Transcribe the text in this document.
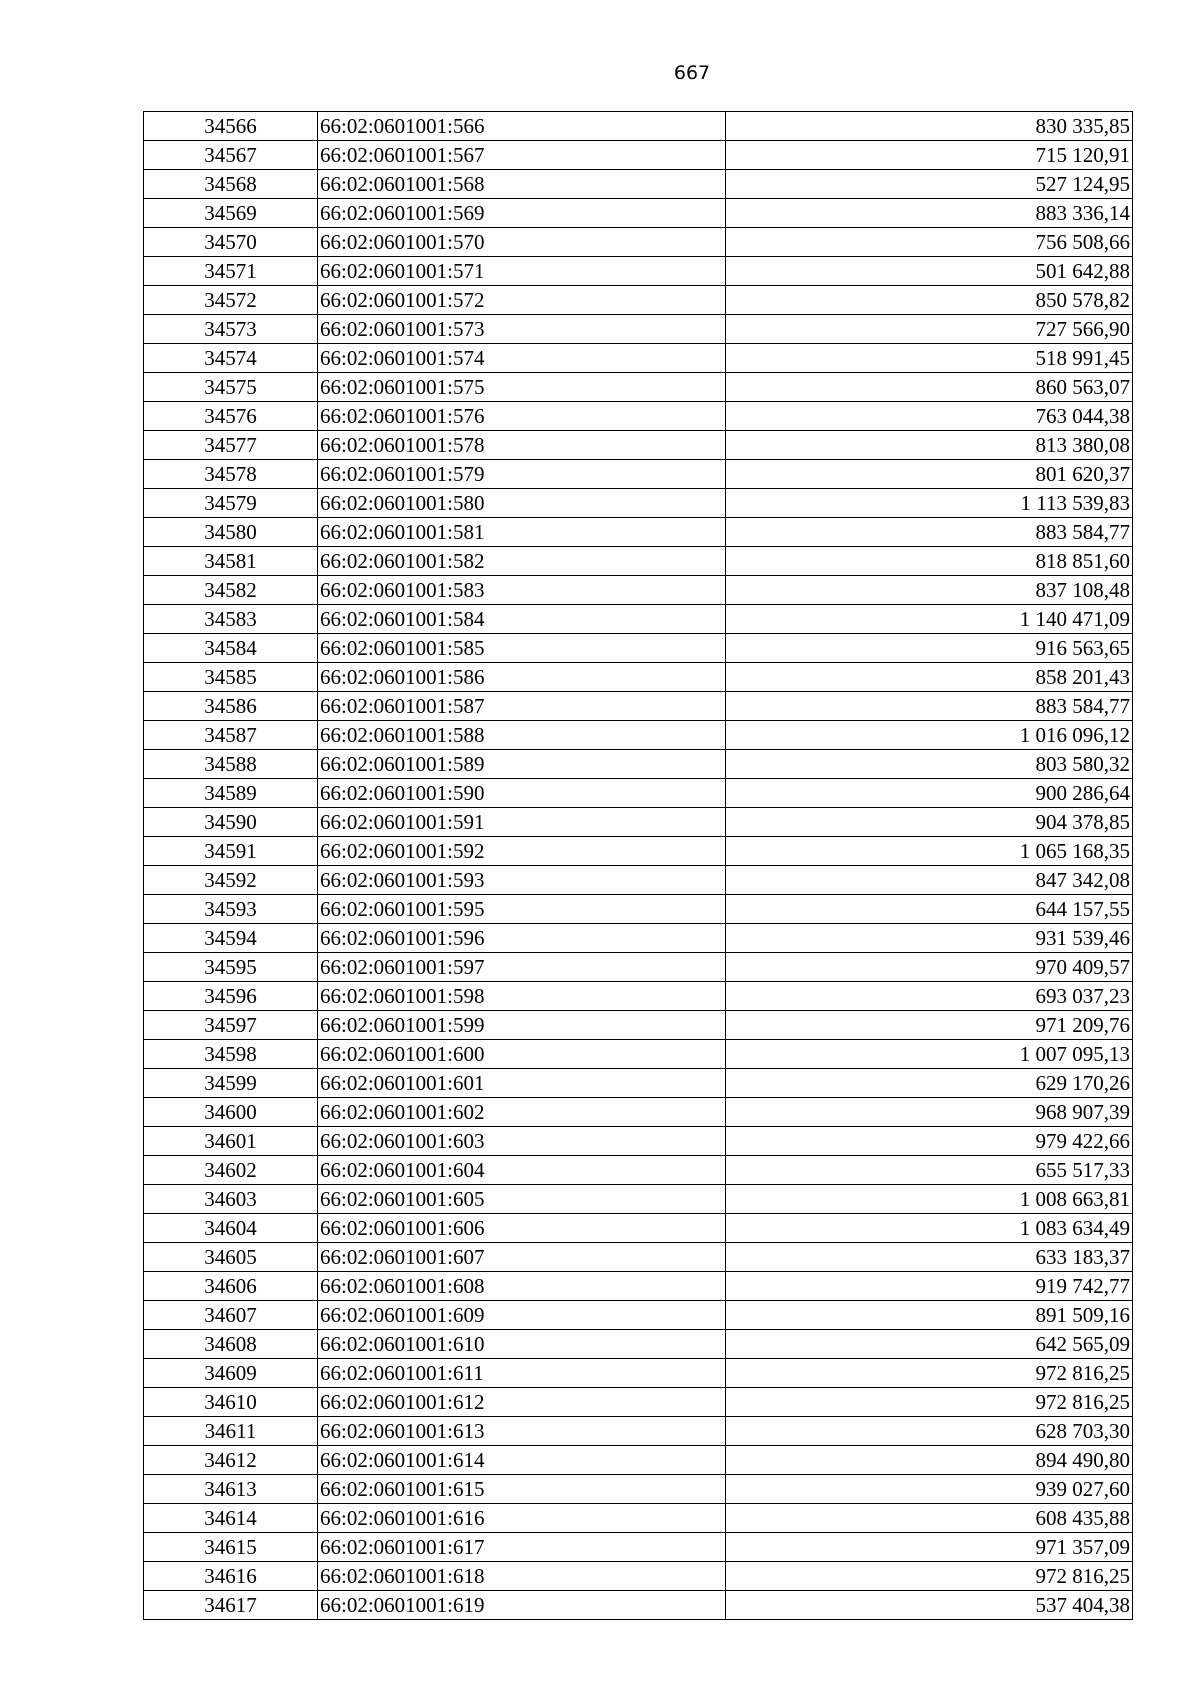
667
34566	66:02:0601001:566	830 335,85
34567	66:02:0601001:567	715 120,91
34568	66:02:0601001:568	527 124,95
34569	66:02:0601001:569	883 336,14
34570	66:02:0601001:570	756 508,66
34571	66:02:0601001:571	501 642,88
34572	66:02:0601001:572	850 578,82
34573	66:02:0601001:573	727 566,90
34574	66:02:0601001:574	518 991,45
34575	66:02:0601001:575	860 563,07
34576	66:02:0601001:576	763 044,38
34577	66:02:0601001:578	813 380,08
34578	66:02:0601001:579	801 620,37
34579	66:02:0601001:580	1 113 539,83
34580	66:02:0601001:581	883 584,77
34581	66:02:0601001:582	818 851,60
34582	66:02:0601001:583	837 108,48
34583	66:02:0601001:584	1 140 471,09
34584	66:02:0601001:585	916 563,65
34585	66:02:0601001:586	858 201,43
34586	66:02:0601001:587	883 584,77
34587	66:02:0601001:588	1 016 096,12
34588	66:02:0601001:589	803 580,32
34589	66:02:0601001:590	900 286,64
34590	66:02:0601001:591	904 378,85
34591	66:02:0601001:592	1 065 168,35
34592	66:02:0601001:593	847 342,08
34593	66:02:0601001:595	644 157,55
34594	66:02:0601001:596	931 539,46
34595	66:02:0601001:597	970 409,57
34596	66:02:0601001:598	693 037,23
34597	66:02:0601001:599	971 209,76
34598	66:02:0601001:600	1 007 095,13
34599	66:02:0601001:601	629 170,26
34600	66:02:0601001:602	968 907,39
34601	66:02:0601001:603	979 422,66
34602	66:02:0601001:604	655 517,33
34603	66:02:0601001:605	1 008 663,81
34604	66:02:0601001:606	1 083 634,49
34605	66:02:0601001:607	633 183,37
34606	66:02:0601001:608	919 742,77
34607	66:02:0601001:609	891 509,16
34608	66:02:0601001:610	642 565,09
34609	66:02:0601001:611	972 816,25
34610	66:02:0601001:612	972 816,25
34611	66:02:0601001:613	628 703,30
34612	66:02:0601001:614	894 490,80
34613	66:02:0601001:615	939 027,60
34614	66:02:0601001:616	608 435,88
34615	66:02:0601001:617	971 357,09
34616	66:02:0601001:618	972 816,25
34617	66:02:0601001:619	537 404,38
